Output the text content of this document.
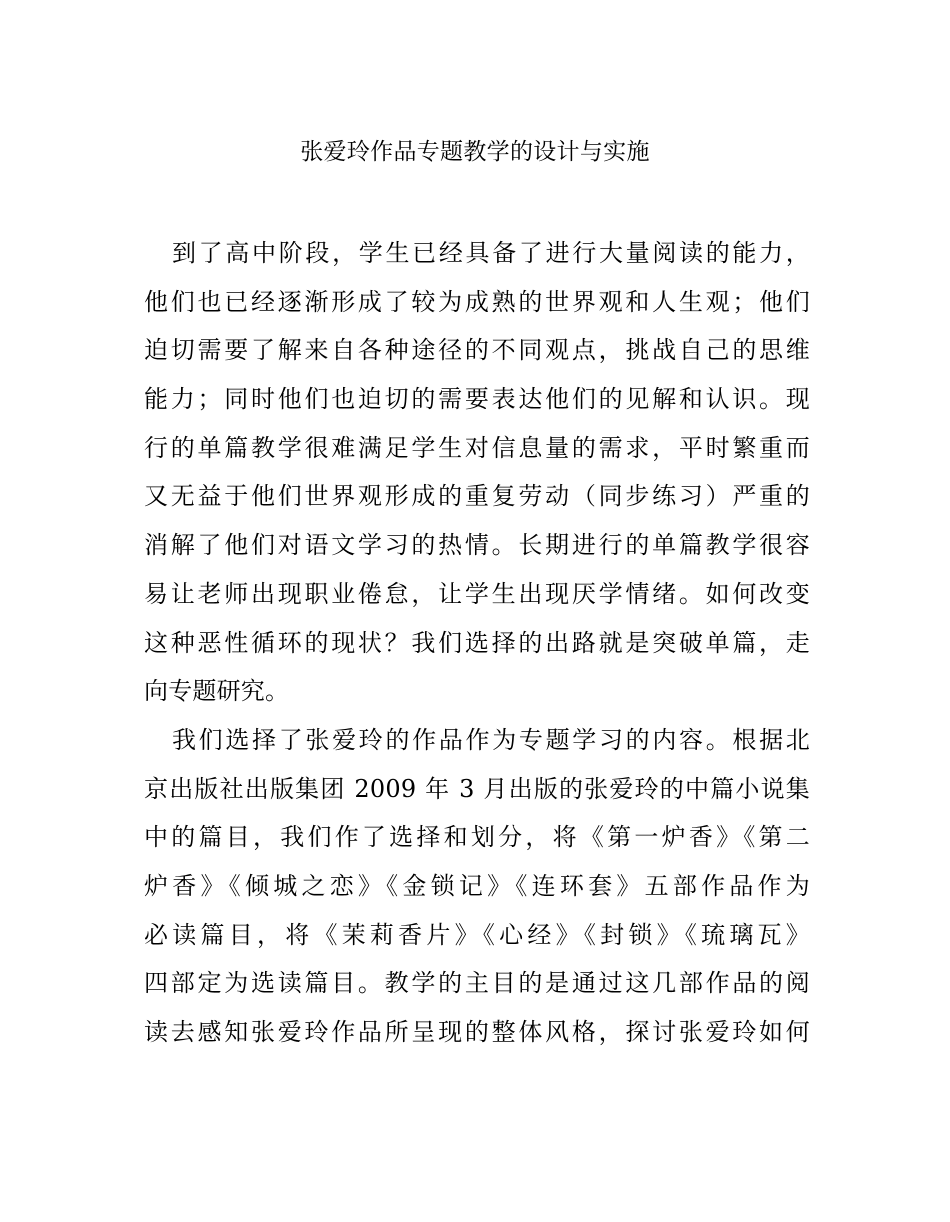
张爱玲作品专题教学的设计与实施
到了高中阶段，学生已经具备了进行大量阅读的能力，
他们也已经逐渐形成了较为成熟的世界观和人生观；他们
迫切需要了解来自各种途径的不同观点，挑战自己的思维
能力；同时他们也迫切的需要表达他们的见解和认识。现
行的单篇教学很难满足学生对信息量的需求，平时繁重而
又无益于他们世界观形成的重复劳动（同步练习）严重的
消解了他们对语文学习的热情。长期进行的单篇教学很容
易让老师出现职业倦怠，让学生出现厌学情绪。如何改变
这种恶性循环的现状？我们选择的出路就是突破单篇，走
向专题研究。
我们选择了张爱玲的作品作为专题学习的内容。根据北
京出版社出版集团 2009 年 3 月出版的张爱玲的中篇小说集
中的篇目，我们作了选择和划分，将《第一炉香》《第二
炉香》《倾城之恋》《金锁记》《连环套》五部作品作为
必读篇目，将《茉莉香片》《心经》《封锁》《琉璃瓦》
四部定为选读篇目。教学的主目的是通过这几部作品的阅
读去感知张爱玲作品所呈现的整体风格，探讨张爱玲如何
